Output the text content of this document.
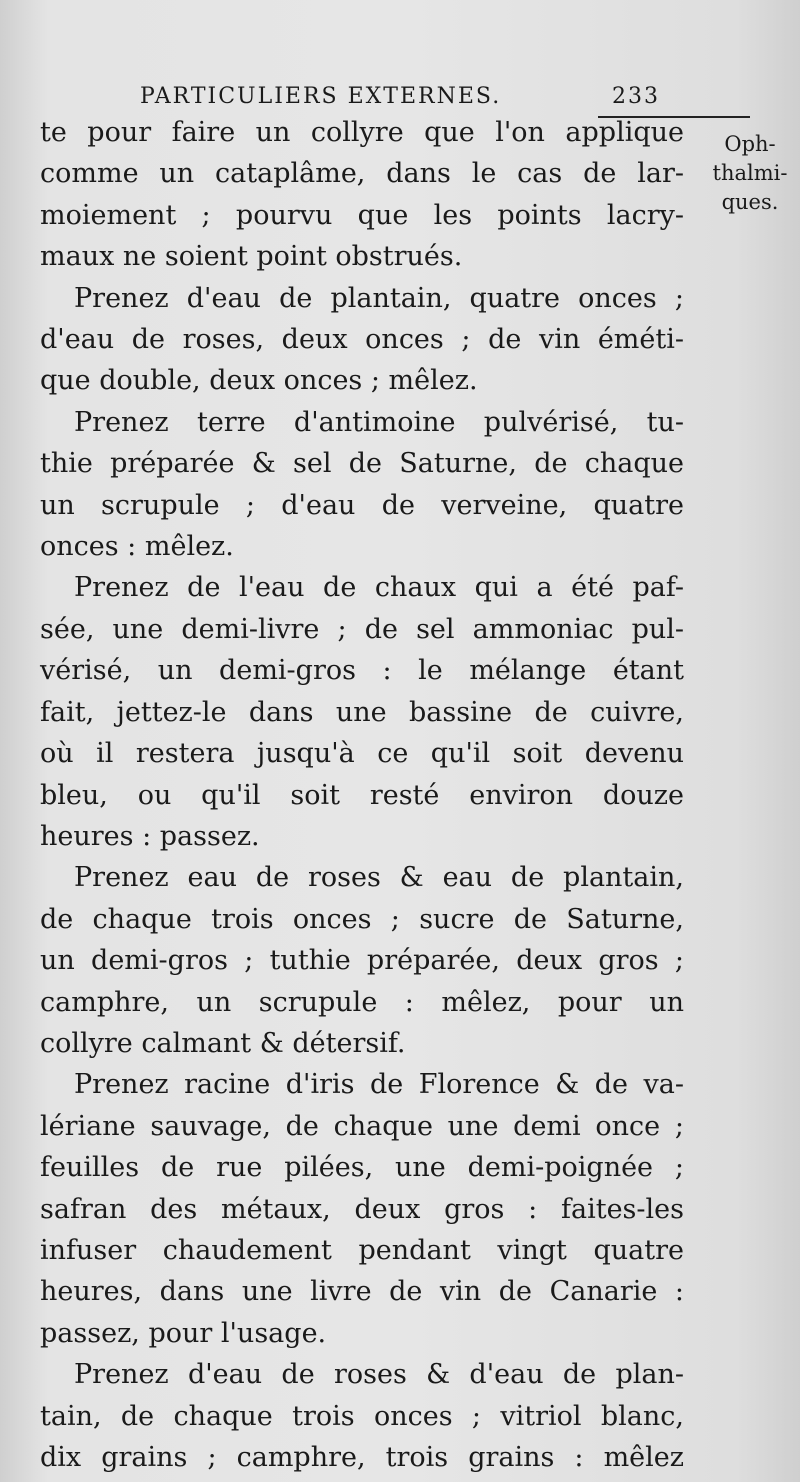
PARTICULIERS EXTERNES.	233
Oph-
thalmi-
ques.

te pour faire un collyre que l'on applique
comme un cataplâme, dans le cas de lar-
moiement ; pourvu que les points lacry-
maux ne soient point obstrués.

Prenez d'eau de plantain, quatre onces ;
d'eau de roses, deux onces ; de vin éméti-
que double, deux onces ; mêlez.

Prenez terre d'antimoine pulvérisé, tu-
thie préparée & sel de Saturne, de chaque
un scrupule ; d'eau de verveine, quatre
onces : mêlez.

Prenez de l'eau de chaux qui a été paf-
sée, une demi-livre ; de sel ammoniac pul-
vérisé, un demi-gros : le mélange étant
fait, jettez-le dans une bassine de cuivre,
où il restera jusqu'à ce qu'il soit devenu
bleu, ou qu'il soit resté environ douze
heures : passez.

Prenez eau de roses & eau de plantain,
de chaque trois onces ; sucre de Saturne,
un demi-gros ; tuthie préparée, deux gros ;
camphre, un scrupule : mêlez, pour un
collyre calmant & détersif.

Prenez racine d'iris de Florence & de va-
lériane sauvage, de chaque une demi once ;
feuilles de rue pilées, une demi-poignée ;
safran des métaux, deux gros : faites-les
infuser chaudement pendant vingt quatre
heures, dans une livre de vin de Canarie :
passez, pour l'usage.

Prenez d'eau de roses & d'eau de plan-
tain, de chaque trois onces ; vitriol blanc,
dix grains ; camphre, trois grains : mêlez
